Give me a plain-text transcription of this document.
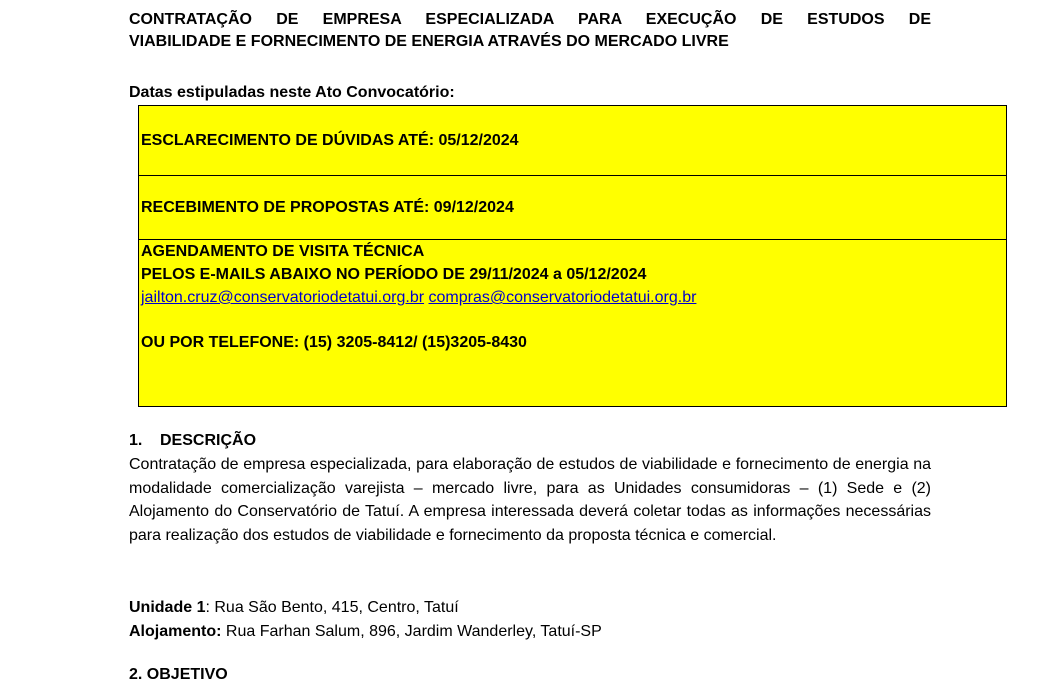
CONTRATAÇÃO DE EMPRESA ESPECIALIZADA PARA EXECUÇÃO DE ESTUDOS DE
VIABILIDADE E FORNECIMENTO DE ENERGIA ATRAVÉS DO MERCADO LIVRE

Datas estipuladas neste Ato Convocatório:

ESCLARECIMENTO DE DÚVIDAS ATÉ: 05/12/2024
RECEBIMENTO DE PROPOSTAS ATÉ: 09/12/2024

AGENDAMENTO DE VISITA TÉCNICA
PELOS E-MAILS ABAIXO NO PERÍODO DE 29/11/2024 a 05/12/2024
jailton.cruz@conservatoriodetatui.org.br compras@conservatoriodetatui.org.br
OU POR TELEFONE: (15) 3205-8412/ (15)3205-8430

1. DESCRIÇÃO

Contratação de empresa especializada, para elaboração de estudos de viabilidade e fornecimento de energia na modalidade comercialização varejista – mercado livre, para as Unidades consumidoras – (1) Sede e (2) Alojamento do Conservatório de Tatuí. A empresa interessada deverá coletar todas as informações necessárias para realização dos estudos de viabilidade e fornecimento da proposta técnica e comercial.

Unidade 1: Rua São Bento, 415, Centro, Tatuí
Alojamento: Rua Farhan Salum, 896, Jardim Wanderley, Tatuí-SP

2. OBJETIVO
